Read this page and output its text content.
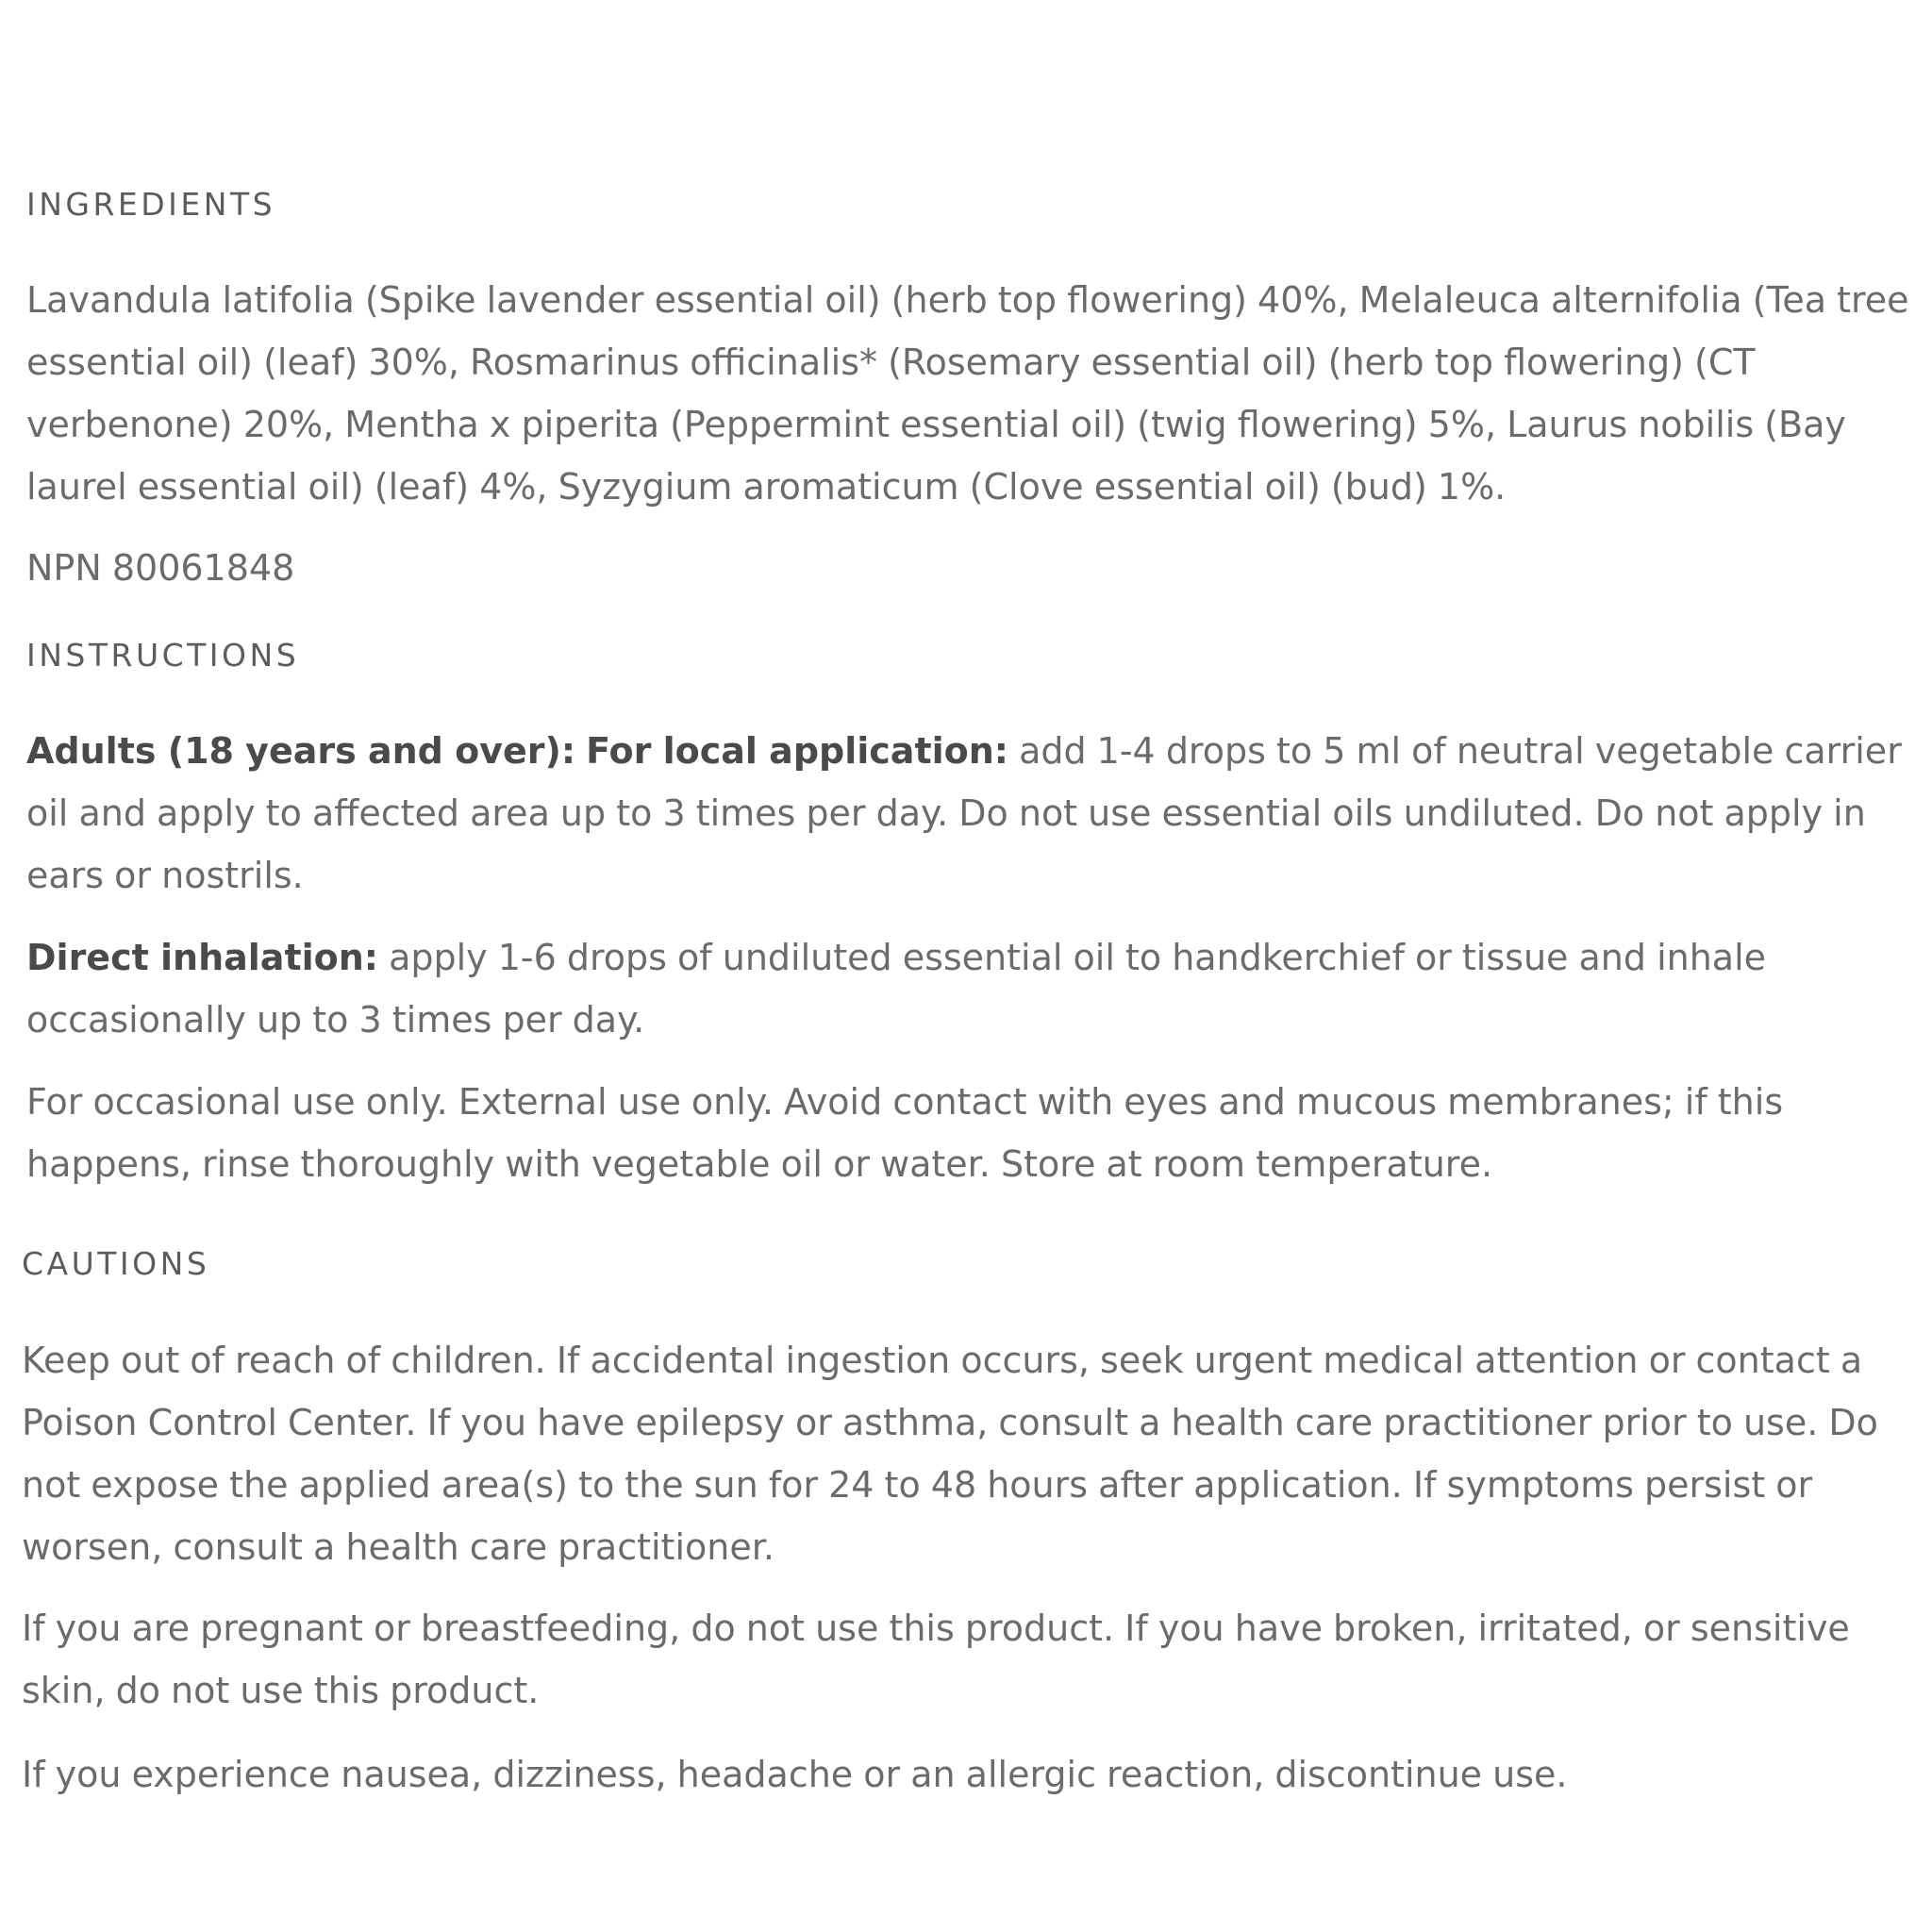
INGREDIENTS

Lavandula latifolia (Spike lavender essential oil) (herb top flowering) 40%, Melaleuca alternifolia (Tea tree essential oil) (leaf) 30%, Rosmarinus officinalis* (Rosemary essential oil) (herb top flowering) (CT verbenone) 20%, Mentha x piperita (Peppermint essential oil) (twig flowering) 5%, Laurus nobilis (Bay laurel essential oil) (leaf) 4%, Syzygium aromaticum (Clove essential oil) (bud) 1%.

NPN 80061848

INSTRUCTIONS

Adults (18 years and over): For local application: add 1-4 drops to 5 ml of neutral vegetable carrier oil and apply to affected area up to 3 times per day. Do not use essential oils undiluted. Do not apply in ears or nostrils.

Direct inhalation: apply 1-6 drops of undiluted essential oil to handkerchief or tissue and inhale occasionally up to 3 times per day.

For occasional use only. External use only. Avoid contact with eyes and mucous membranes; if this happens, rinse thoroughly with vegetable oil or water. Store at room temperature.

CAUTIONS

Keep out of reach of children. If accidental ingestion occurs, seek urgent medical attention or contact a Poison Control Center. If you have epilepsy or asthma, consult a health care practitioner prior to use. Do not expose the applied area(s) to the sun for 24 to 48 hours after application. If symptoms persist or worsen, consult a health care practitioner.

If you are pregnant or breastfeeding, do not use this product. If you have broken, irritated, or sensitive skin, do not use this product.

If you experience nausea, dizziness, headache or an allergic reaction, discontinue use.
